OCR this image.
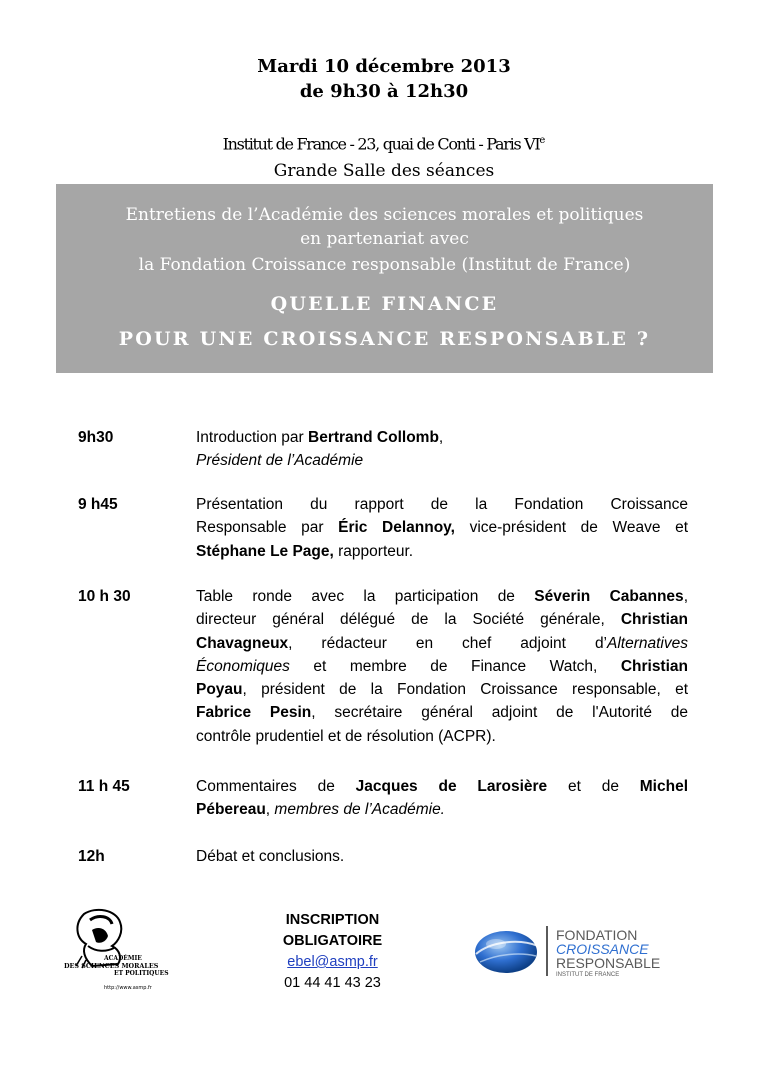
Mardi 10 décembre 2013
de 9h30 à 12h30
Institut de France - 23, quai de Conti - Paris VIe
Grande Salle des séances
Entretiens de l’Académie des sciences morales et politiques
en partenariat avec
la Fondation Croissance responsable (Institut de France)
QUELLE FINANCE
POUR UNE CROISSANCE RESPONSABLE ?
9h30	Introduction par Bertrand Collomb,
Président de l’Académie
9 h45	Présentation du rapport de la Fondation Croissance
Responsable par Éric Delannoy, vice-président de Weave et
Stéphane Le Page, rapporteur.
10 h 30	Table ronde avec la participation de Séverin Cabannes,
directeur général délégué de la Société générale, Christian
Chavagneux, rédacteur en chef adjoint d’Alternatives
Économiques et membre de Finance Watch, Christian
Poyau, président de la Fondation Croissance responsable, et
Fabrice Pesin, secrétaire général adjoint de l'Autorité de
contrôle prudentiel et de résolution (ACPR).
11 h 45	Commentaires de Jacques de Larosière et de Michel
Pébereau, membres de l’Académie.
12h	Débat et conclusions.
ACADÉMIE
DES SCIENCES MORALES
ET POLITIQUES
http://www.asmp.fr
INSCRIPTION
OBLIGATOIRE
ebel@asmp.fr
01 44 41 43 23
FONDATION
CROISSANCE
RESPONSABLE
INSTITUT DE FRANCE
